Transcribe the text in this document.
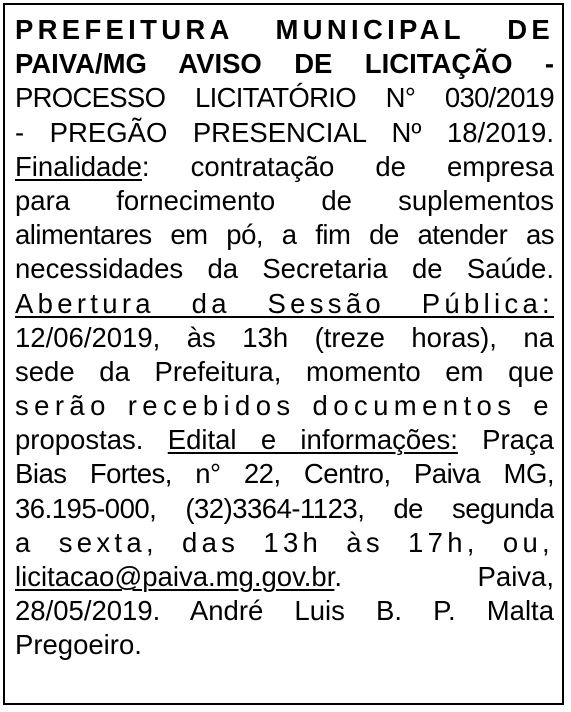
PREFEITURA MUNICIPAL DE
PAIVA/MG AVISO DE LICITAÇÃO -
PROCESSO LICITATÓRIO N° 030/2019
- PREGÃO PRESENCIAL Nº 18/2019.
Finalidade: contratação de empresa
para fornecimento de suplementos
alimentares em pó, a fim de atender as
necessidades da Secretaria de Saúde.
Abertura da Sessão Pública:
12/06/2019, às 13h (treze horas), na
sede da Prefeitura, momento em que
serão recebidos documentos e
propostas. Edital e informações: Praça
Bias Fortes, n° 22, Centro, Paiva MG,
36.195-000, (32)3364-1123, de segunda
a sexta, das 13h às 17h, ou,
licitacao@paiva.mg.gov.br. Paiva,
28/05/2019. André Luis B. P. Malta
Pregoeiro.
